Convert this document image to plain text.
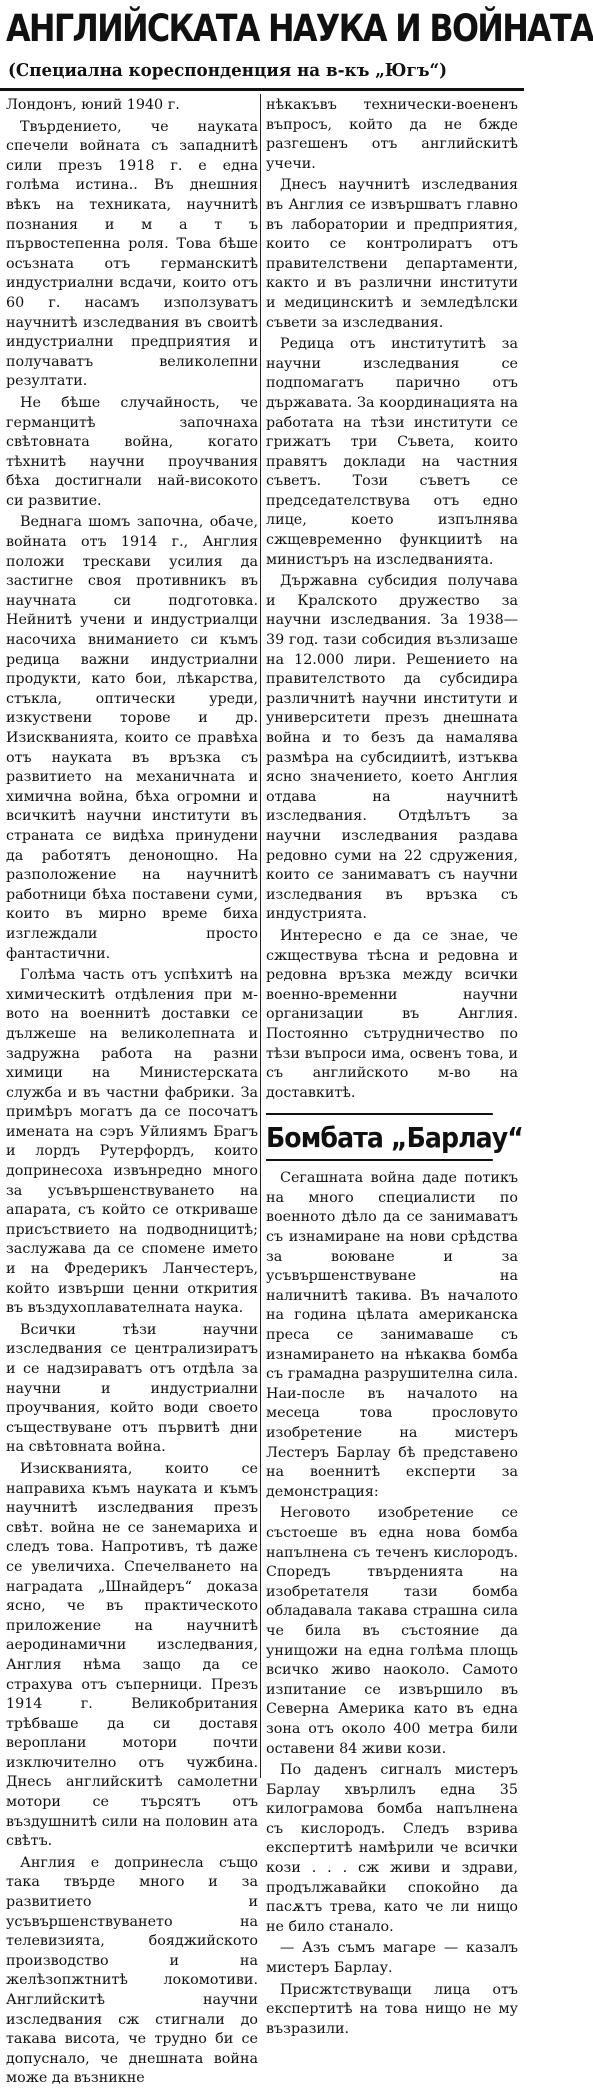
АНГЛИЙСКАТА НАУКА И ВОЙНАТА
(Специална кореспонденция на в-къ „Югъ“)

Лондонъ, юний 1940 г.

Твърдението, че науката спечели войната съ западнитѣ сили презъ 1918 г. е една голѣма истина.. Въ днешния вѣкъ на техниката, научнитѣ познания и м а т ъ първостепенна роля. Това бѣше осъзната отъ германскитѣ индустриални всдачи, които отъ 60 г. насамъ използуватъ научнитѣ изследвания въ своитѣ индустриални предприятия и получаватъ великолепни резултати.

Не бѣше случайность, че германцитѣ започнаха свѣтовната война, когато тѣхнитѣ научни проучвания бѣха достигнали най-високото си развитие.

Веднага шомъ започна, обаче, войната отъ 1914 г., Англия положи трескави усилия да застигне своя противникъ въ научната си подготовка. Нейнитѣ учени и индустриалци насочиха вниманието си къмъ редица важни индустриални продукти, като бои, лѣкарства, стъкла, оптически уреди, изкуствени торове и др. Изискванията, които се правѣха отъ науката въ връзка съ развитието на механичната и химична война, бѣха огромни и всичкитѣ научни институти въ страната се видѣха принудени да работятъ денонощно. На разположение на научнитѣ работници бѣха поставени суми, които въ мирно време биха изглеждали просто фантастични.

Голѣма часть отъ успѣхитѣ на химическитѣ отдѣления при м-вото на военнитѣ доставки се дължеше на великолепната и задружна работа на разни химици на Министерската служба и въ частни фабрики. За примѣръ могатъ да се посочатъ имената на сэръ Уйлиямъ Брагъ и лордъ Рутерфордъ, които допринесоха извънредно много за усъвършенствуването на апарата, съ който се откриваше присъствието на подводницитѣ; заслужава да се спомене името и на Фредерикъ Ланчестеръ, който извърши ценни открития въ въздухоплавателната наука.

Всички тѣзи научни изследвания се централизиратъ и се надзираватъ отъ отдѣла за научни и индустриални проучвания, който води своето съществуване отъ първитѣ дни на свѣтовната война.

Изискванията, които се направиха къмъ науката и къмъ научнитѣ изследвания презъ свѣт. война не се занемариха и следъ това. Напротивъ, тѣ даже се увеличиха. Спечелването на наградата „Шнайдеръ“ доказа ясно, че въ практическото приложение на научнитѣ аеродинамични изследвания, Англия нѣма защо да се страхува отъ съперници. Презъ 1914 г. Великобритания трѣбваше да си доставя вероплани мотори почти изключително отъ чужбина. Днесь английскитѣ самолетни мотори се търсятъ отъ въздушнитѣ сили на половин ата свѣтъ.

Англия е допринесла също така твърде много и за развитието и усъвършенствуването на телевизията, бояджийското производство и на желѣзопжтнитѣ локомотиви. Английскитѣ научни изследвания сж стигнали до такава висота, че трудно би се допуснало, че днешната война може да възникне

нѣкакъвъ технически-воененъ въпросъ, който да не бжде разгешенъ отъ английскитѣ учечи.

Днесъ научнитѣ изследвания въ Англия се извършватъ главно въ лаборатории и предприятия, които се контролиратъ отъ правителствени департаменти, както и въ различни институти и медицинскитѣ и земледѣлски съвети за изследвания.

Редица отъ институтитѣ за научни изследвания се подпомагатъ парично отъ държавата. За координацията на работата на тѣзи институти се грижатъ три Съвета, които правятъ доклади на частния съветъ. Този съветъ се председателствува отъ едно лице, което изпълнява сжщевременно функциитѣ на министъръ на изследванията.

Държавна субсидия получава и Кралското дружество за научни изследвания. За 1938—39 год. тази собсидия възлизаше на 12.000 лири. Решението на правителството да субсидира различнитѣ научни институти и университети презъ днешната война и то безъ да намалява размѣра на субсидиитѣ, изтъква ясно значението, което Англия отдава на научнитѣ изследвания. Отдѣлътъ за научни изследвания раздава редовно суми на 22 сдружения, които се занимаватъ съ научни изследвания въ връзка съ индустрията.

Интересно е да се знае, че сжществува тѣсна и редовна и редовна връзка между всички военно-временни научни организации въ Англия. Постоянно сътрудничество по тѣзи въпроси има, освенъ това, и съ английското м-во на доставкитѣ.

Бомбата „Барлау“

Сегашната война даде потикъ на много специалисти по военното дѣло да се занимаватъ съ изнамиране на нови срѣдства за воюване и за усъвършенствуване на наличнитѣ такива. Въ началото на година цѣлата американска преса се занимаваше съ изнамирането на нѣкаква бомба съ грамадна разрушителна сила. Наи-после въ началото на месеца това прословуто изобретение на мистеръ Лестеръ Барлау бѣ представено на военнитѣ експерти за демонстрация:

Неговото изобретение се състоеше въ една нова бомба напълнена съ теченъ кислородъ. Споредъ твърденията на изобретателя тази бомба обладавала такава страшна сила че била въ състояние да унищожи на една голѣма площь всичко живо наоколо. Самото изпитание се извършило въ Северна Америка като въ една зона отъ около 400 метра били оставени 84 живи кози.

По даденъ сигналъ мистеръ Барлау хвърлилъ една 35 килограмова бомба напълнена съ кислородъ. Следъ взрива експертитѣ намѣрили че всички кози . . . сж живи и здрави, продължавайки спокойно да пасѫтъ трева, като че ли нищо не било станало.

— Азъ съмъ магаре — казалъ мистеръ Барлау.

Присжтствуващи лица отъ експертитѣ на това нищо не му възразили.
